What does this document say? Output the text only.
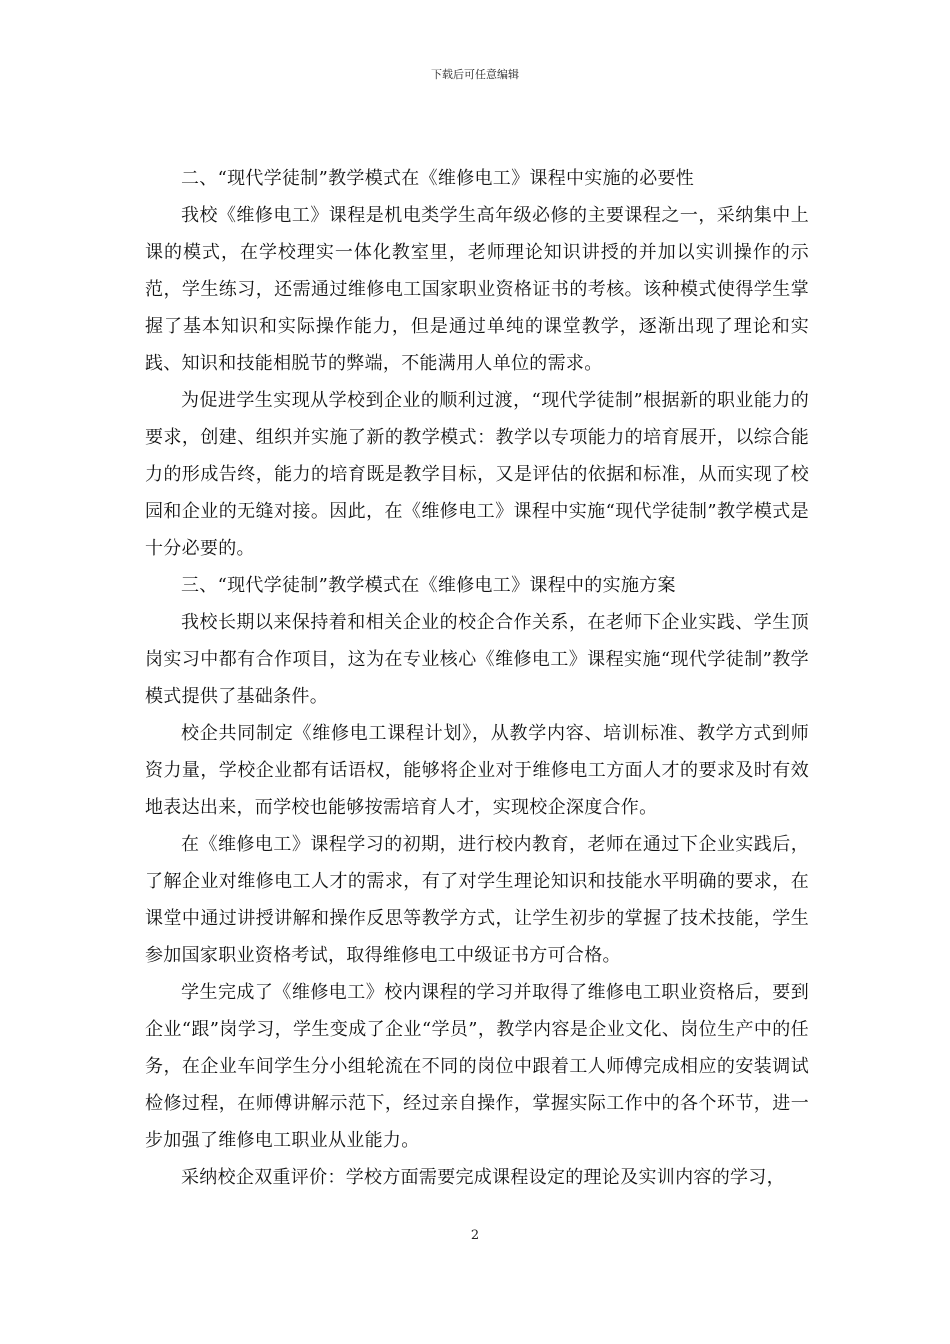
下载后可任意编辑

二、“现代学徒制”教学模式在《维修电工》课程中实施的必要性

我校《维修电工》课程是机电类学生高年级必修的主要课程之一，采纳集中上课的模式，在学校理实一体化教室里，老师理论知识讲授的并加以实训操作的示范，学生练习，还需通过维修电工国家职业资格证书的考核。该种模式使得学生掌握了基本知识和实际操作能力，但是通过单纯的课堂教学，逐渐出现了理论和实践、知识和技能相脱节的弊端，不能满用人单位的需求。

为促进学生实现从学校到企业的顺利过渡，“现代学徒制”根据新的职业能力的要求，创建、组织并实施了新的教学模式：教学以专项能力的培育展开，以综合能力的形成告终，能力的培育既是教学目标，又是评估的依据和标准，从而实现了校园和企业的无缝对接。因此，在《维修电工》课程中实施“现代学徒制”教学模式是十分必要的。

三、“现代学徒制”教学模式在《维修电工》课程中的实施方案

我校长期以来保持着和相关企业的校企合作关系，在老师下企业实践、学生顶岗实习中都有合作项目，这为在专业核心《维修电工》课程实施“现代学徒制”教学模式提供了基础条件。

校企共同制定《维修电工课程计划》，从教学内容、培训标准、教学方式到师资力量，学校企业都有话语权，能够将企业对于维修电工方面人才的要求及时有效地表达出来，而学校也能够按需培育人才，实现校企深度合作。

在《维修电工》课程学习的初期，进行校内教育，老师在通过下企业实践后，了解企业对维修电工人才的需求，有了对学生理论知识和技能水平明确的要求，在课堂中通过讲授讲解和操作反思等教学方式，让学生初步的掌握了技术技能，学生参加国家职业资格考试，取得维修电工中级证书方可合格。

学生完成了《维修电工》校内课程的学习并取得了维修电工职业资格后，要到企业“跟”岗学习，学生变成了企业“学员”，教学内容是企业文化、岗位生产中的任务，在企业车间学生分小组轮流在不同的岗位中跟着工人师傅完成相应的安装调试检修过程，在师傅讲解示范下，经过亲自操作，掌握实际工作中的各个环节，进一步加强了维修电工职业从业能力。

采纳校企双重评价：学校方面需要完成课程设定的理论及实训内容的学习，

2
